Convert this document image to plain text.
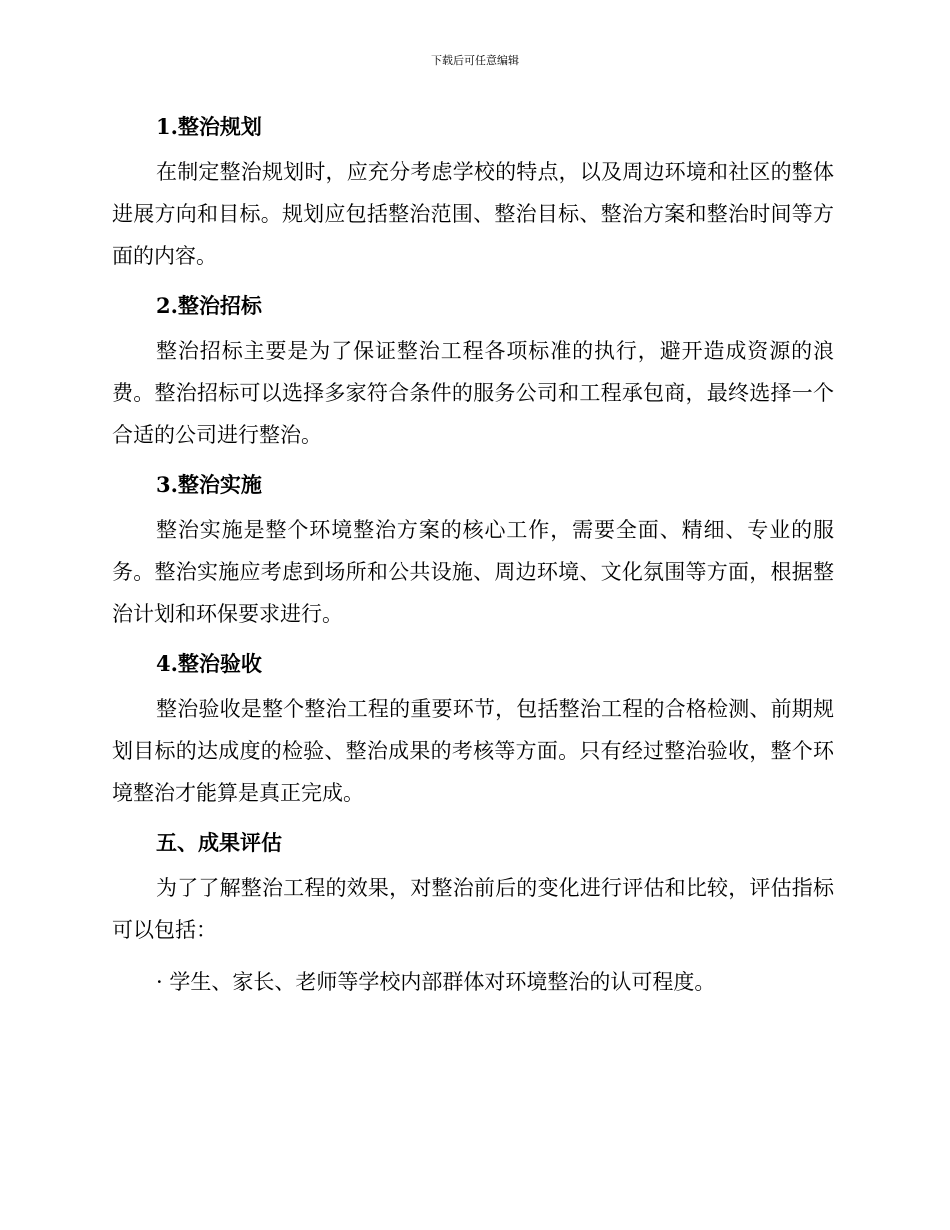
下载后可任意编辑
1.整治规划
在制定整治规划时，应充分考虑学校的特点，以及周边环境和社区的整体进展方向和目标。规划应包括整治范围、整治目标、整治方案和整治时间等方面的内容。
2.整治招标
整治招标主要是为了保证整治工程各项标准的执行，避开造成资源的浪费。整治招标可以选择多家符合条件的服务公司和工程承包商，最终选择一个合适的公司进行整治。
3.整治实施
整治实施是整个环境整治方案的核心工作，需要全面、精细、专业的服务。整治实施应考虑到场所和公共设施、周边环境、文化氛围等方面，根据整治计划和环保要求进行。
4.整治验收
整治验收是整个整治工程的重要环节，包括整治工程的合格检测、前期规划目标的达成度的检验、整治成果的考核等方面。只有经过整治验收，整个环境整治才能算是真正完成。
五、成果评估
为了了解整治工程的效果，对整治前后的变化进行评估和比较，评估指标可以包括：
· 学生、家长、老师等学校内部群体对环境整治的认可程度。
